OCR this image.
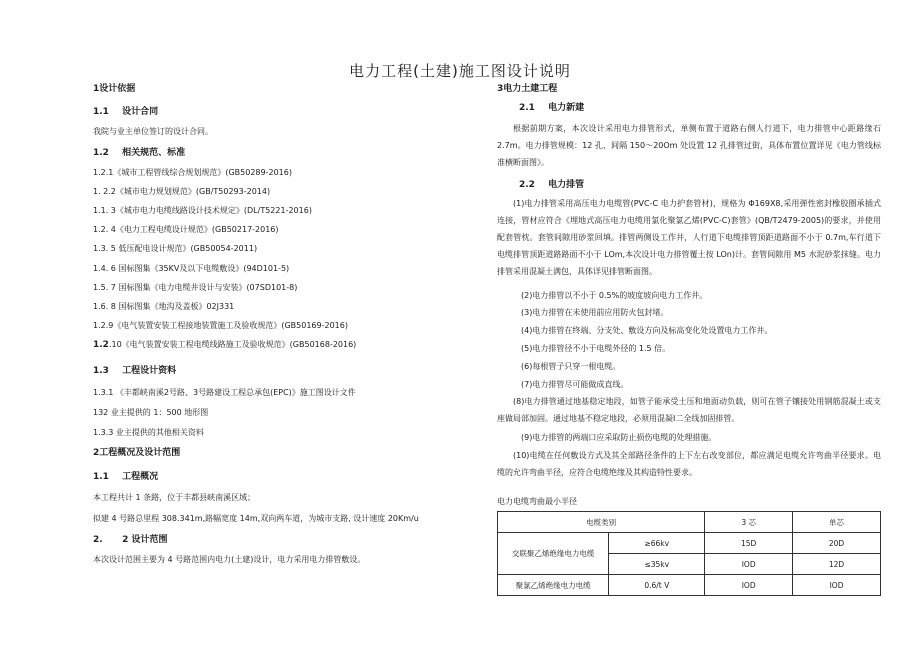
电力工程(土建)施工图设计说明
1设计依据
1.1 设计合同
我院与业主单位签订的设计合同。
1.2 相关规范、标准
1.2.1《城市工程管线综合规划规范》(GB50289-2016)
1. 2.2《城市电力规划规范》(GB/T50293-2014)
1.1. 3《城市电力电缆线路设计技术规定》(DL/T5221-2016)
1.2. 4《电力工程电缆设计规范》(GB50217-2016)
1.3. 5 低压配电设计规范》(GB50054-2011)
1.4. 6 国标图集《35KV及以下电缆敷设》(94D101-5)
1.5. 7 国标图集《电力电缆井设计与安装》(07SD101-8)
1.6. 8 国标图集《地沟及盖板》02J331
1.2.9《电气装置安装工程接地装置施工及验收规范》(GB50169-2016)
1.2.10《电气装置安装工程电缆线路施工及验收规范》(GB50168-2016)
1.3 工程设计资料
1.3.1 《丰都峡南溪2号路、3号路建设工程总承包(EPC)》施工图设计文件
132 业主提供的 1：500 地形图
1.3.3 业主提供的其他相关资料
2工程概况及设计范围
1.1 工程概况
本工程共计 1 条路，位于丰都县峡南溪区域；
拟建 4 号路总里程 308.341m,路幅宽度 14m,双向两车道，为城市支路, 设计速度 20Km/u
2. 2 设计范围
本次设计范围主要为 4 号路范围内电力(土建)设计，电力采用电力排管敷设。
3电力土建工程
2.1 电力新建
根据前期方案，本次设计采用电力排管形式，单侧布置于道路右侧人行道下，电力排管中心距路缘石 2.7m。电力排管规模：12 孔，间隔 150～20Om 处设置 12 孔排管过街，具体布置位置详见《电力管线标准横断面图》。
2.2 电力排管
(1)电力排管采用高压电力电缆管(PVC-C 电力护套管材)，规格为 Φ169X8,采用弹性密封橡胶圈承插式连接，管材应符合《埋地式高压电力电缆用氯化聚氯乙烯(PVC-C)套管》(QB/T2479-2005)的要求，并使用配套管枕。套管间隙用砂浆回填。排管两侧设工作井，人行道下电缆排管顶距道路面不小于 0.7m,车行道下电缆排管顶距道路路面不小于 LOm,本次设计电力排管覆土按 LOn)计。套管间隙用 M5 水泥砂浆抹缝。电力排管采用混凝土满包，具体详见排管断面图。
(2)电力排管以不小于 0.5%的坡度坡向电力工作井。
(3)电力排管在未使用前应用防火包封堵。
(4)电力排管在终端、分支处、敷设方向及标高变化处设置电力工作井。
(5)电力排管径不小于电缆外径的 1.5 倍。
(6)每根管子只穿一根电缆。
(7)电力排管尽可能做成直线。
(8)电力排管通过地基稳定地段，如管子能承受土压和地面动负载，则可在管子镶接处用钢筋混凝土或支座做局部加固。通过地基不稳定地段，必须用混凝I二全线加固排管。
(9)电力排管的两端口应采取防止损伤电缆的处理措施。
(10)电缆在任何敷设方式及其全部路径条件的上下左右改变部位，都应满足电缆允许弯曲半径要求。电缆的允许弯曲半径，应符合电缆绝缘及其构造特性要求。
电力电缆弯曲最小半径
电缆类别		3 芯	单芯
交联聚乙烯绝缘电力电缆	≥66kv	15D	20D
	≤35kv	IOD	12D
聚氯乙烯绝缘电力电缆	0.6/t V	IOD	IOD
